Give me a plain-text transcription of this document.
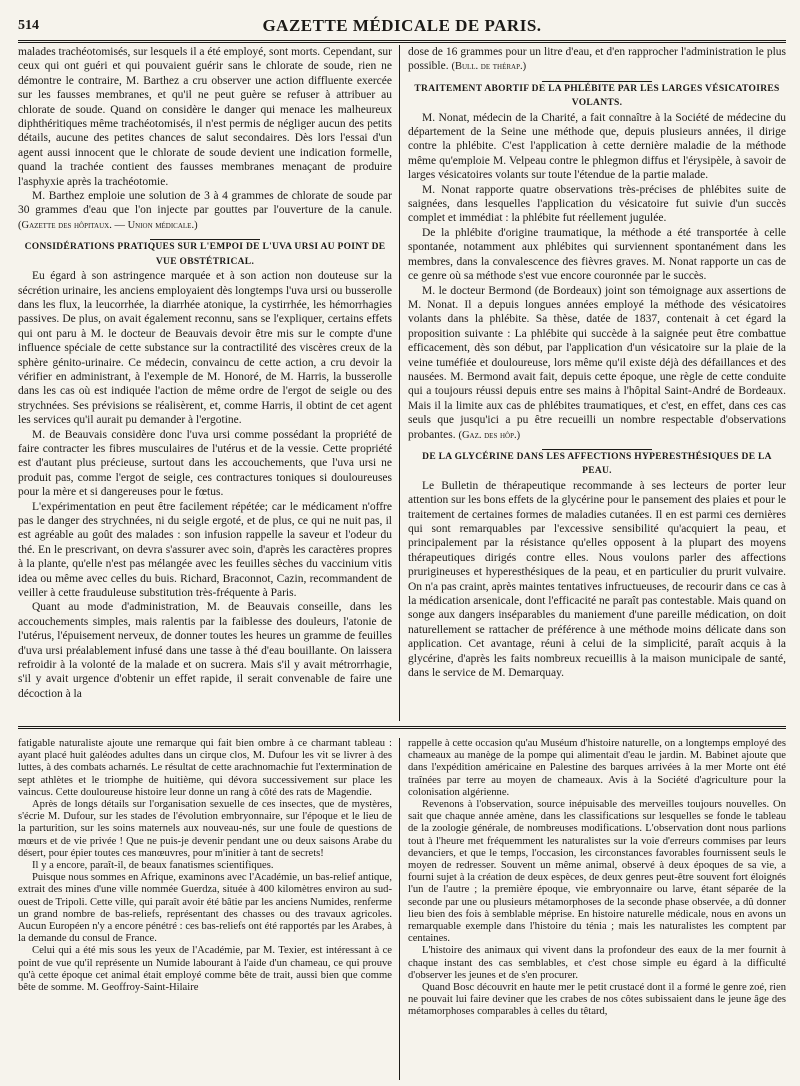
514	GAZETTE MÉDICALE DE PARIS.

malades trachéotomisés, sur lesquels il a été employé, sont morts. Cependant, sur ceux qui ont guéri et qui pouvaient guérir sans le chlorate de soude, rien ne démontre le contraire, M. Barthez a cru observer une action diffluente exercée sur les fausses membranes, et qu'il ne peut guère se refuser à attribuer au chlorate de soude. Quand on considère le danger qui menace les malheureux diphthéritiques même trachéotomisés, il n'est permis de négliger aucun des petits détails, aucune des petites chances de salut secondaires. Dès lors l'essai d'un agent aussi innocent que le chlorate de soude devient une indication formelle, quand la trachée contient des fausses membranes menaçant de produire l'asphyxie après la trachéotomie.

M. Barthez emploie une solution de 3 à 4 grammes de chlorate de soude par 30 grammes d'eau que l'on injecte par gouttes par l'ouverture de la canule. (Gazette des hôpitaux. — Union médicale.)

CONSIDÉRATIONS PRATIQUES SUR L'EMPOI DE L'UVA URSI AU POINT DE VUE OBSTÉTRICAL.

Eu égard à son astringence marquée et à son action non douteuse sur la sécrétion urinaire, les anciens employaient dès longtemps l'uva ursi ou busserolle dans les flux, la leucorrhée, la diarrhée atonique, la cystirrhée, les hémorrhagies passives. De plus, on avait également reconnu, sans se l'expliquer, certains effets qui ont paru à M. le docteur de Beauvais devoir être mis sur le compte d'une influence spéciale de cette substance sur la contractilité des viscères creux de la sphère génito-urinaire. Ce médecin, convaincu de cette action, a cru devoir la vérifier en administrant, à l'exemple de M. Honoré, de M. Harris, la busserolle dans les cas où est indiquée l'action de même ordre de l'ergot de seigle ou des strychnées. Ses prévisions se réalisèrent, et, comme Harris, il obtint de cet agent les services qu'il aurait pu demander à l'ergotine.

M. de Beauvais considère donc l'uva ursi comme possédant la propriété de faire contracter les fibres musculaires de l'utérus et de la vessie. Cette propriété est d'autant plus précieuse, surtout dans les accouchements, que l'uva ursi ne produit pas, comme l'ergot de seigle, ces contractures toniques si douloureuses pour la mère et si dangereuses pour le fœtus.

L'expérimentation en peut être facilement répétée; car le médicament n'offre pas le danger des strychnées, ni du seigle ergoté, et de plus, ce qui ne nuit pas, il est agréable au goût des malades : son infusion rappelle la saveur et l'odeur du thé. En le prescrivant, on devra s'assurer avec soin, d'après les caractères propres à la plante, qu'elle n'est pas mélangée avec les feuilles sèches du vaccinium vitis idea ou même avec celles du buis. Richard, Braconnot, Cazin, recommandent de veiller à cette frauduleuse substitution très-fréquente à Paris.

Quant au mode d'administration, M. de Beauvais conseille, dans les accouchements simples, mais ralentis par la faiblesse des douleurs, l'atonie de l'utérus, l'épuisement nerveux, de donner toutes les heures un gramme de feuilles d'uva ursi préalablement infusé dans une tasse à thé d'eau bouillante. On laissera refroidir à la volonté de la malade et on sucrera. Mais s'il y avait métrorrhagie, s'il y avait urgence d'obtenir un effet rapide, il serait convenable de faire une décoction à la

dose de 16 grammes pour un litre d'eau, et d'en rapprocher l'administration le plus possible. (Bull. de thérap.)

TRAITEMENT ABORTIF DE LA PHLÉBITE PAR LES LARGES VÉSICATOIRES VOLANTS.

M. Nonat, médecin de la Charité, a fait connaître à la Société de médecine du département de la Seine une méthode que, depuis plusieurs années, il dirige contre la phlébite. C'est l'application à cette dernière maladie de la méthode même qu'emploie M. Velpeau contre le phlegmon diffus et l'érysipèle, à savoir de larges vésicatoires volants sur toute l'étendue de la partie malade.

M. Nonat rapporte quatre observations très-précises de phlébites suite de saignées, dans lesquelles l'application du vésicatoire fut suivie d'un succès complet et immédiat : la phlébite fut réellement jugulée.

De la phlébite d'origine traumatique, la méthode a été transportée à celle spontanée, notamment aux phlébites qui surviennent spontanément dans les membres, dans la convalescence des fièvres graves. M. Nonat rapporte un cas de ce genre où sa méthode s'est vue encore couronnée par le succès.

M. le docteur Bermond (de Bordeaux) joint son témoignage aux assertions de M. Nonat. Il a depuis longues années employé la méthode des vésicatoires volants dans la phlébite. Sa thèse, datée de 1837, contenait à cet égard la proposition suivante : La phlébite qui succède à la saignée peut être combattue efficacement, dès son début, par l'application d'un vésicatoire sur la plaie de la veine tuméfiée et douloureuse, lors même qu'il existe déjà des défaillances et des nausées. M. Bermond avait fait, depuis cette époque, une règle de cette conduite qui a toujours réussi depuis entre ses mains à l'hôpital Saint-André de Bordeaux. Mais il la limite aux cas de phlébites traumatiques, et c'est, en effet, dans ces cas seuls que jusqu'ici a pu être recueilli un nombre respectable d'observations probantes. (Gaz. des hôp.)

DE LA GLYCÉRINE DANS LES AFFECTIONS HYPERESTHÉSIQUES DE LA PEAU.

Le Bulletin de thérapeutique recommande à ses lecteurs de porter leur attention sur les bons effets de la glycérine pour le pansement des plaies et pour le traitement de certaines formes de maladies cutanées. Il en est parmi ces dernières qui sont remarquables par l'excessive sensibilité qu'acquiert la peau, et principalement par la résistance qu'elles opposent à la plupart des moyens thérapeutiques dirigés contre elles. Nous voulons parler des affections prurigineuses et hyperesthésiques de la peau, et en particulier du prurit vulvaire. On n'a pas craint, après maintes tentatives infructueuses, de recourir dans ce cas à la médication arsenicale, dont l'efficacité ne paraît pas contestable. Mais quand on songe aux dangers inséparables du maniement d'une pareille médication, on doit naturellement se rattacher de préférence à une méthode moins délicate dans son application. Cet avantage, réuni à celui de la simplicité, paraît acquis à la glycérine, d'après les faits nombreux recueillis à la maison municipale de santé, dans le service de M. Demarquay.

fatigable naturaliste ajoute une remarque qui fait bien ombre à ce charmant tableau : ayant placé huit galéodes adultes dans un cirque clos, M. Dufour les vit se livrer à des luttes, à des combats acharnés. Le résultat de cette arachnomachie fut l'extermination de sept athlètes et le triomphe de huitième, qui dévora successivement sur place les vaincus. Cette douloureuse histoire leur donne un rang à côté des rats de Magendie.

Après de longs détails sur l'organisation sexuelle de ces insectes, que de mystères, s'écrie M. Dufour, sur les stades de l'évolution embryonnaire, sur l'époque et le lieu de la parturition, sur les soins maternels aux nouveau-nés, sur une foule de questions de mœurs et de vie privée ! Que ne puis-je devenir pendant une ou deux saisons Arabe du désert, pour épier toutes ces manœuvres, pour m'initier à tant de secrets!

Il y a encore, paraît-il, de beaux fanatismes scientifiques.

Puisque nous sommes en Afrique, examinons avec l'Académie, un bas-relief antique, extrait des mines d'une ville nommée Guerdza, située à 400 kilomètres environ au sud-ouest de Tripoli. Cette ville, qui paraît avoir été bâtie par les anciens Numides, renferme un grand nombre de bas-reliefs, représentant des chasses ou des travaux agricoles. Aucun Européen n'y a encore pénétré : ces bas-reliefs ont été rapportés par les Arabes, à la demande du consul de France.

Celui qui a été mis sous les yeux de l'Académie, par M. Texier, est intéressant à ce point de vue qu'il représente un Numide labourant à l'aide d'un chameau, ce qui prouve qu'à cette époque cet animal était employé comme bête de trait, aussi bien que comme bête de somme. M. Geoffroy-Saint-Hilaire

rappelle à cette occasion qu'au Muséum d'histoire naturelle, on a longtemps employé des chameaux au manège de la pompe qui alimentait d'eau le jardin. M. Babinet ajoute que dans l'expédition américaine en Palestine des barques arrivées à la mer Morte ont été traînées par terre au moyen de chameaux. Avis à la Société d'agriculture pour la colonisation algérienne.

Revenons à l'observation, source inépuisable des merveilles toujours nouvelles. On sait que chaque année amène, dans les classifications sur lesquelles se fonde le tableau de la zoologie générale, de nombreuses modifications. L'observation dont nous parlions tout à l'heure met fréquemment les naturalistes sur la voie d'erreurs commises par leurs devanciers, et que le temps, l'occasion, les circonstances favorables fournissent seuls le moyen de redresser. Souvent un même animal, observé à deux époques de sa vie, a fourni sujet à la création de deux espèces, de deux genres peut-être souvent fort éloignés l'un de l'autre ; la première époque, vie embryonnaire ou larve, étant séparée de la seconde par une ou plusieurs métamorphoses de la seconde phase observée, a dû donner lieu bien des fois à semblable méprise. En histoire naturelle médicale, nous en avons un remarquable exemple dans l'histoire du ténia ; mais les naturalistes les comptent par centaines.

L'histoire des animaux qui vivent dans la profondeur des eaux de la mer fournit à chaque instant des cas semblables, et c'est chose simple eu égard à la difficulté d'observer les jeunes et de s'en procurer.

Quand Bosc découvrit en haute mer le petit crustacé dont il a formé le genre zoé, rien ne pouvait lui faire deviner que les crabes de nos côtes subissaient dans le jeune âge des métamorphoses comparables à celles du têtard,
